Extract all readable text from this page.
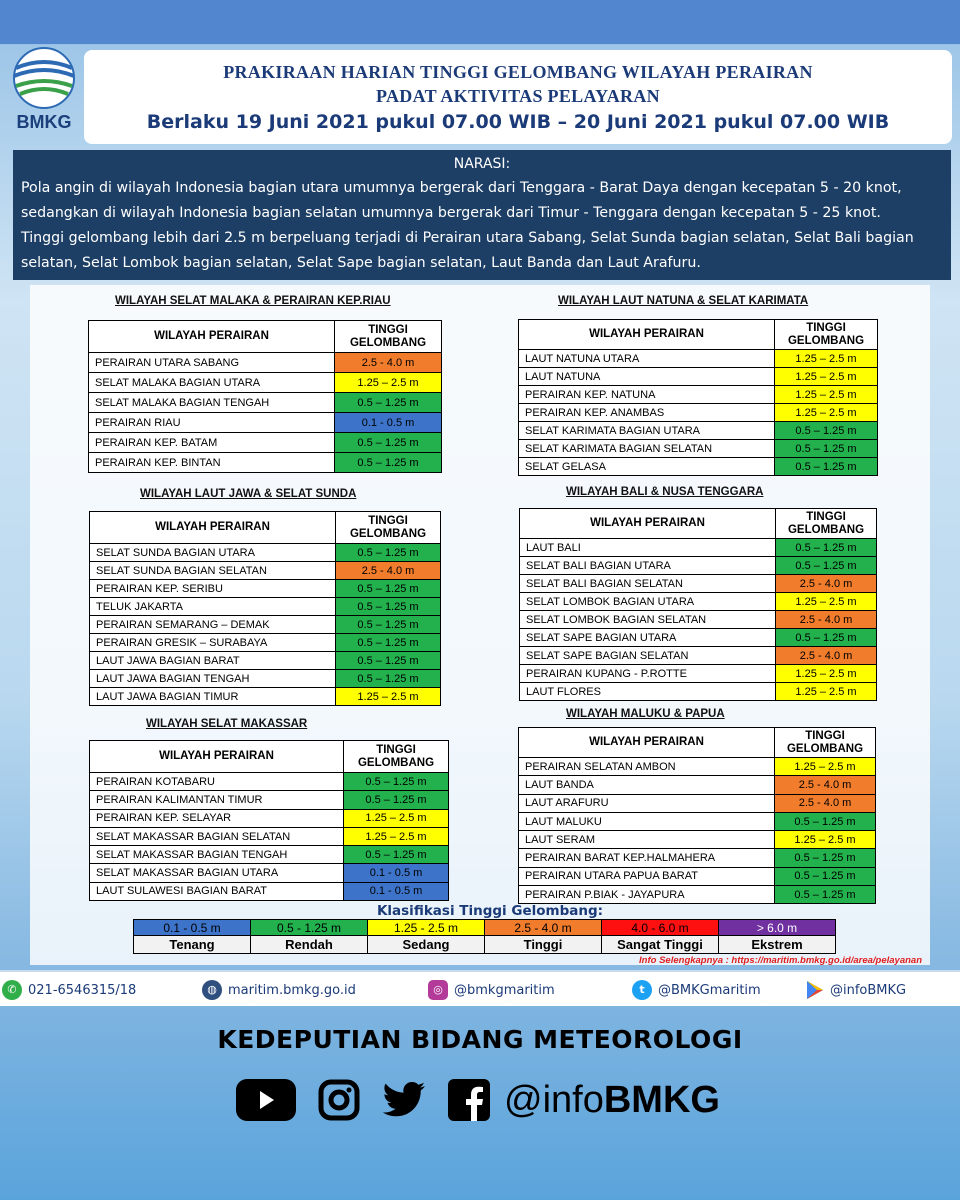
BMKG
PRAKIRAAN HARIAN TINGGI GELOMBANG WILAYAH PERAIRAN
PADAT AKTIVITAS PELAYARAN
Berlaku 19 Juni 2021 pukul 07.00 WIB – 20 Juni 2021 pukul 07.00 WIB
NARASI:
Pola angin di wilayah Indonesia bagian utara umumnya bergerak dari Tenggara - Barat Daya dengan kecepatan 5 - 20 knot,
sedangkan di wilayah Indonesia bagian selatan umumnya bergerak dari Timur - Tenggara dengan kecepatan 5 - 25 knot.
Tinggi gelombang lebih dari 2.5 m berpeluang terjadi di Perairan utara Sabang, Selat Sunda bagian selatan, Selat Bali bagian
selatan, Selat Lombok bagian selatan, Selat Sape bagian selatan, Laut Banda dan Laut Arafuru.
WILAYAH SELAT MALAKA & PERAIRAN KEP.RIAU
WILAYAH LAUT JAWA & SELAT SUNDA
WILAYAH SELAT MAKASSAR
WILAYAH LAUT NATUNA & SELAT KARIMATA
WILAYAH BALI & NUSA TENGGARA
WILAYAH MALUKU & PAPUA
WILAYAH PERAIRAN	TINGGI
GELOMBANG

PERAIRAN UTARA SABANG	2.5 - 4.0 m
SELAT MALAKA BAGIAN UTARA	1.25 – 2.5 m
SELAT MALAKA BAGIAN TENGAH	0.5 – 1.25 m
PERAIRAN RIAU	0.1 - 0.5 m
PERAIRAN KEP. BATAM	0.5 – 1.25 m
PERAIRAN KEP. BINTAN	0.5 – 1.25 m
WILAYAH PERAIRAN	TINGGI
GELOMBANG

SELAT SUNDA BAGIAN UTARA	0.5 – 1.25 m
SELAT SUNDA BAGIAN SELATAN	2.5 - 4.0 m
PERAIRAN KEP. SERIBU	0.5 – 1.25 m
TELUK JAKARTA	0.5 – 1.25 m
PERAIRAN SEMARANG – DEMAK	0.5 – 1.25 m
PERAIRAN GRESIK – SURABAYA	0.5 – 1.25 m
LAUT JAWA BAGIAN BARAT	0.5 – 1.25 m
LAUT JAWA BAGIAN TENGAH	0.5 – 1.25 m
LAUT JAWA BAGIAN TIMUR	1.25 – 2.5 m
WILAYAH PERAIRAN	TINGGI
GELOMBANG

PERAIRAN KOTABARU	0.5 – 1.25 m
PERAIRAN KALIMANTAN TIMUR	0.5 – 1.25 m
PERAIRAN KEP. SELAYAR	1.25 – 2.5 m
SELAT MAKASSAR BAGIAN SELATAN	1.25 – 2.5 m
SELAT MAKASSAR BAGIAN TENGAH	0.5 – 1.25 m
SELAT MAKASSAR BAGIAN UTARA	0.1 - 0.5 m
LAUT SULAWESI BAGIAN BARAT	0.1 - 0.5 m
WILAYAH PERAIRAN	TINGGI
GELOMBANG

LAUT NATUNA UTARA	1.25 – 2.5 m
LAUT NATUNA	1.25 – 2.5 m
PERAIRAN KEP. NATUNA	1.25 – 2.5 m
PERAIRAN KEP. ANAMBAS	1.25 – 2.5 m
SELAT KARIMATA BAGIAN UTARA	0.5 – 1.25 m
SELAT KARIMATA BAGIAN SELATAN	0.5 – 1.25 m
SELAT GELASA	0.5 – 1.25 m
WILAYAH PERAIRAN	TINGGI
GELOMBANG

LAUT BALI	0.5 – 1.25 m
SELAT BALI BAGIAN UTARA	0.5 – 1.25 m
SELAT BALI BAGIAN SELATAN	2.5 - 4.0 m
SELAT LOMBOK BAGIAN UTARA	1.25 – 2.5 m
SELAT LOMBOK BAGIAN SELATAN	2.5 - 4.0 m
SELAT SAPE BAGIAN UTARA	0.5 – 1.25 m
SELAT SAPE BAGIAN SELATAN	2.5 - 4.0 m
PERAIRAN KUPANG - P.ROTTE	1.25 – 2.5 m
LAUT FLORES	1.25 – 2.5 m
WILAYAH PERAIRAN	TINGGI
GELOMBANG

PERAIRAN SELATAN AMBON	1.25 – 2.5 m
LAUT BANDA	2.5 - 4.0 m
LAUT ARAFURU	2.5 - 4.0 m
LAUT MALUKU	0.5 – 1.25 m
LAUT SERAM	1.25 – 2.5 m
PERAIRAN BARAT KEP.HALMAHERA	0.5 – 1.25 m
PERAIRAN UTARA PAPUA BARAT	0.5 – 1.25 m
PERAIRAN P.BIAK - JAYAPURA	0.5 – 1.25 m
Klasifikasi Tinggi Gelombang:
0.1 - 0.5 m	0.5 - 1.25 m	1.25 - 2.5 m	2.5 - 4.0 m	4.0 - 6.0 m	> 6.0 m
Tenang	Rendah	Sedang	Tinggi	Sangat Tinggi	Ekstrem
Info Selengkapnya : https://maritim.bmkg.go.id/area/pelayanan
✆ 021-6546315/18	◍ maritim.bmkg.go.id	◎ @bmkgmaritim	t	@BMKGmaritim	@infoBMKG
KEDEPUTIAN BIDANG METEOROLOGI
@infoBMKG
